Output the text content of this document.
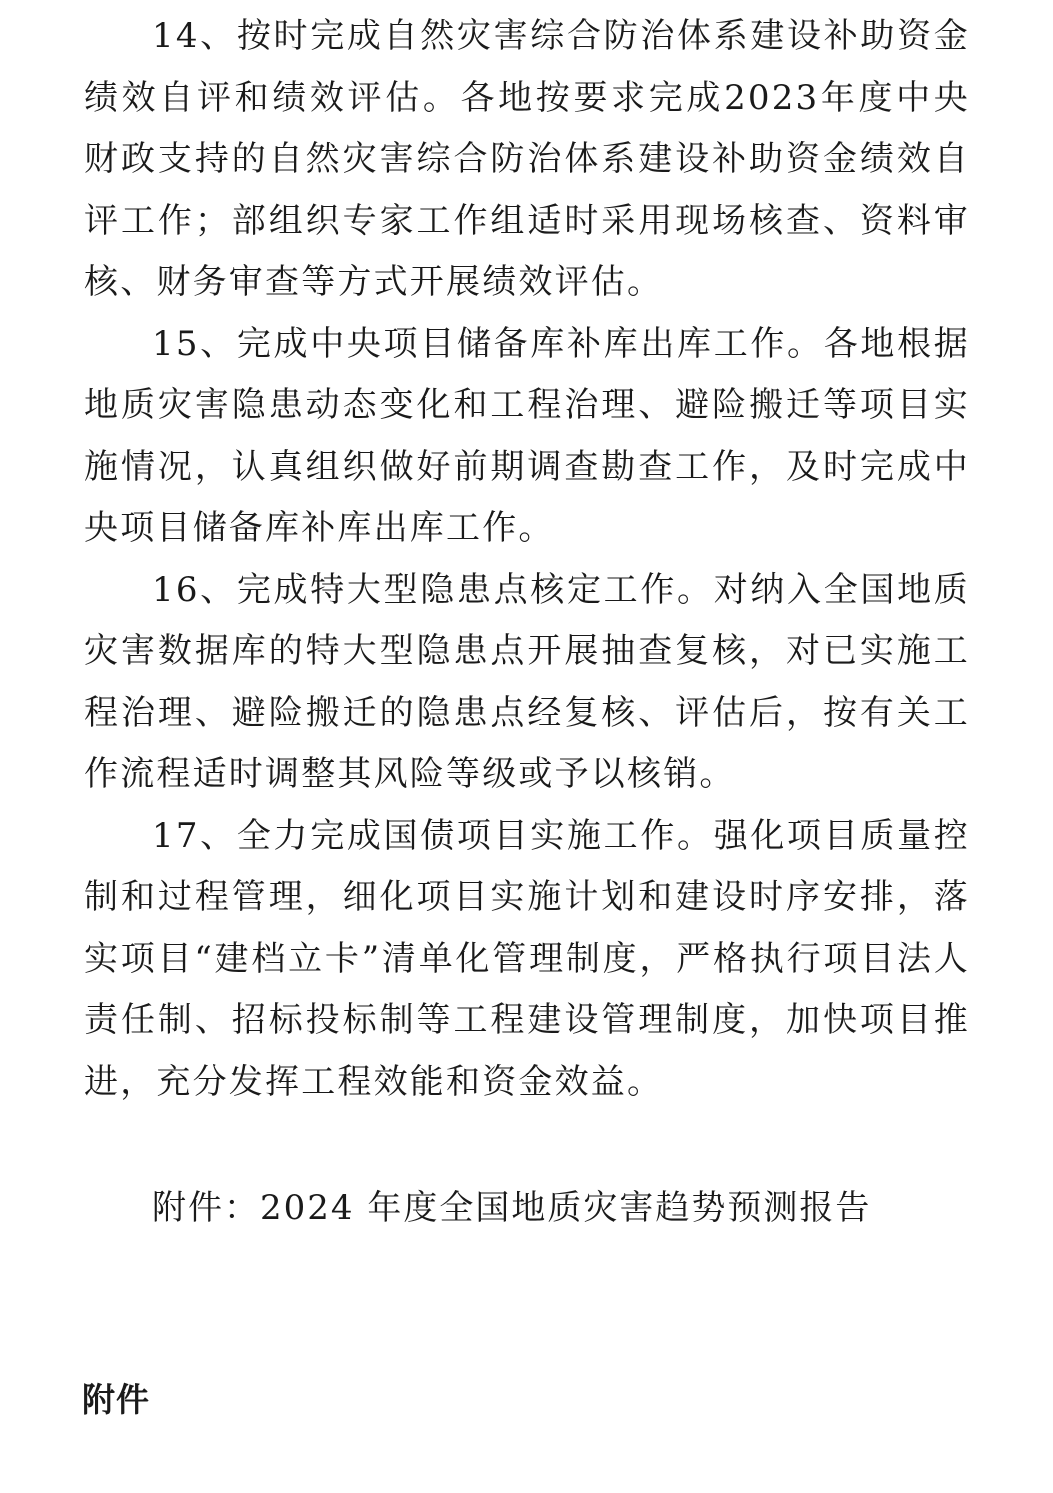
14、按时完成自然灾害综合防治体系建设补助资金绩效自评和绩效评估。各地按要求完成2023年度中央财政支持的自然灾害综合防治体系建设补助资金绩效自评工作；部组织专家工作组适时采用现场核查、资料审核、财务审查等方式开展绩效评估。

15、完成中央项目储备库补库出库工作。各地根据地质灾害隐患动态变化和工程治理、避险搬迁等项目实施情况，认真组织做好前期调查勘查工作，及时完成中央项目储备库补库出库工作。

16、完成特大型隐患点核定工作。对纳入全国地质灾害数据库的特大型隐患点开展抽查复核，对已实施工程治理、避险搬迁的隐患点经复核、评估后，按有关工作流程适时调整其风险等级或予以核销。

17、全力完成国债项目实施工作。强化项目质量控制和过程管理，细化项目实施计划和建设时序安排，落实项目“建档立卡”清单化管理制度，严格执行项目法人责任制、招标投标制等工程建设管理制度，加快项目推进，充分发挥工程效能和资金效益。

附件：2024 年度全国地质灾害趋势预测报告
附件
